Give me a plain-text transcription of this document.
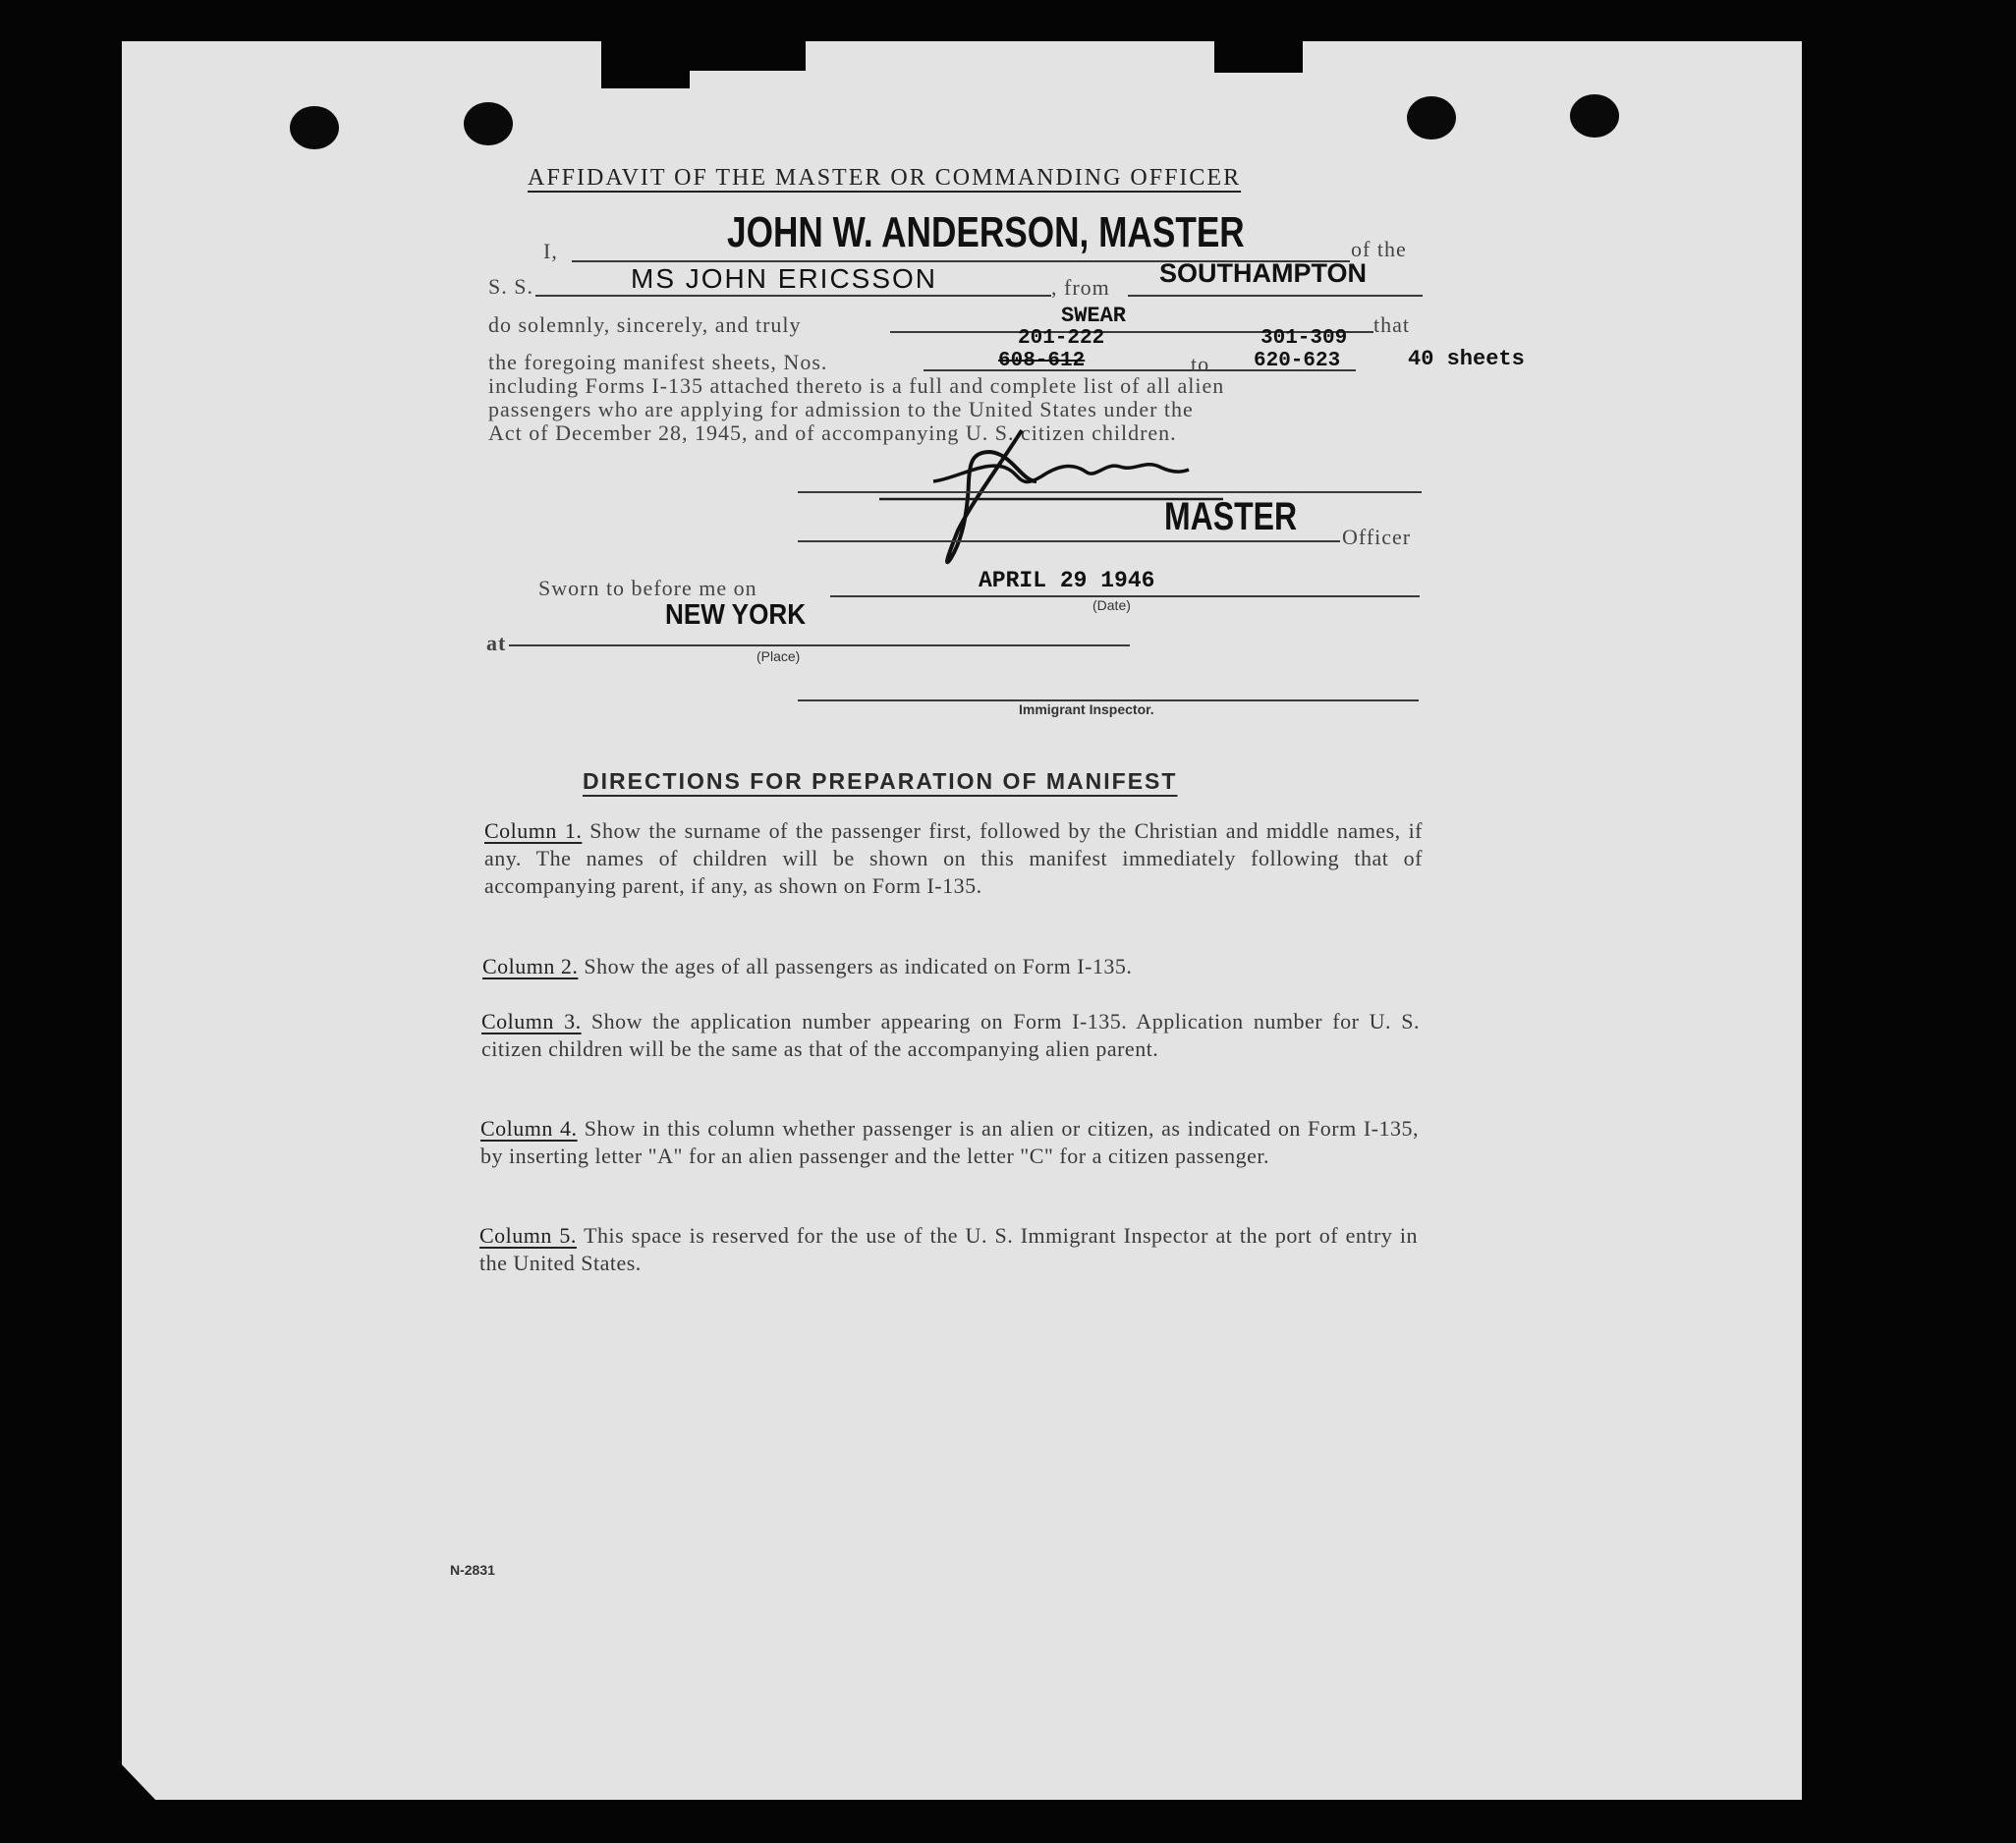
AFFIDAVIT OF THE MASTER OR COMMANDING OFFICER
I,	JOHN W. ANDERSON, MASTER	of the
S. S.	MS JOHN ERICSSON	, from SOUTHAMPTON
do solemnly, sincerely, and truly	SWEAR	that
201-222	301-309
the foregoing manifest sheets, Nos.	608-612	to 620-623	40 sheets
including Forms I-135 attached thereto is a full and complete list of all alien
passengers who are applying for admission to the United States under the
Act of December 28, 1945, and of accompanying U. S. citizen children.
MASTER Officer
Sworn to before me on	APRIL 29 1946
(Date)
NEW YORK
at
(Place)
Immigrant Inspector.
DIRECTIONS FOR PREPARATION OF MANIFEST
Column 1. Show the surname of the passenger first, followed by the Christian and middle names, if any. The names of children will be shown on this manifest immediately following that of accompanying parent, if any, as shown on Form I-135.
Column 2. Show the ages of all passengers as indicated on Form I-135.
Column 3. Show the application number appearing on Form I-135. Application number for U. S. citizen children will be the same as that of the accompanying alien parent.
Column 4. Show in this column whether passenger is an alien or citizen, as indicated on Form I-135, by inserting letter "A" for an alien passenger and the letter "C" for a citizen passenger.
Column 5. This space is reserved for the use of the U. S. Immigrant Inspector at the port of entry in the United States.
N-2831
